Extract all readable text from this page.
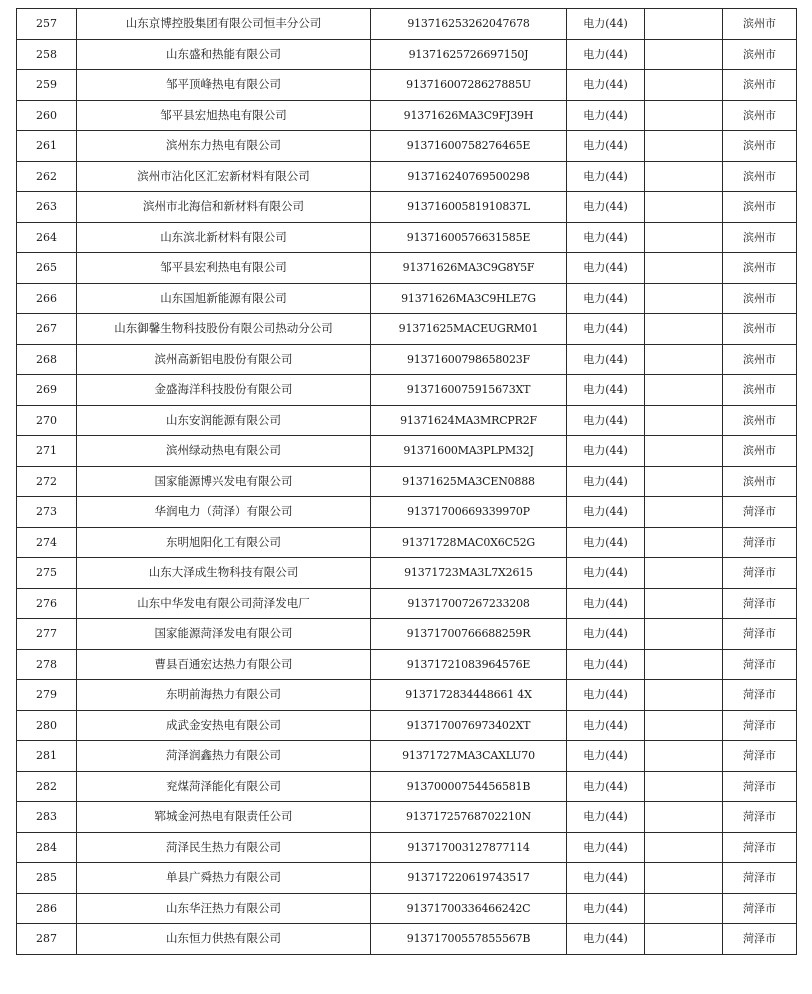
257	山东京博控股集团有限公司恒丰分公司	913716253262047678	电力(44)		滨州市
258	山东盛和热能有限公司	91371625726697150J	电力(44)		滨州市
259	邹平顶峰热电有限公司	91371600728627885U	电力(44)		滨州市
260	邹平县宏旭热电有限公司	91371626MA3C9FJ39H	电力(44)		滨州市
261	滨州东力热电有限公司	91371600758276465E	电力(44)		滨州市
262	滨州市沾化区汇宏新材料有限公司	913716240769500298	电力(44)		滨州市
263	滨州市北海信和新材料有限公司	91371600581910837L	电力(44)		滨州市
264	山东滨北新材料有限公司	91371600576631585E	电力(44)		滨州市
265	邹平县宏利热电有限公司	91371626MA3C9G8Y5F	电力(44)		滨州市
266	山东国旭新能源有限公司	91371626MA3C9HLE7G	电力(44)		滨州市
267	山东御馨生物科技股份有限公司热动分公司	91371625MACEUGRM01	电力(44)		滨州市
268	滨州高新铝电股份有限公司	91371600798658023F	电力(44)		滨州市
269	金盛海洋科技股份有限公司	9137160075915673XT	电力(44)		滨州市
270	山东安润能源有限公司	91371624MA3MRCPR2F	电力(44)		滨州市
271	滨州绿动热电有限公司	91371600MA3PLPM32J	电力(44)		滨州市
272	国家能源博兴发电有限公司	91371625MA3CEN0888	电力(44)		滨州市
273	华润电力（菏泽）有限公司	91371700669339970P	电力(44)		菏泽市
274	东明旭阳化工有限公司	91371728MAC0X6C52G	电力(44)		菏泽市
275	山东大泽成生物科技有限公司	91371723MA3L7X2615	电力(44)		菏泽市
276	山东中华发电有限公司菏泽发电厂	913717007267233208	电力(44)		菏泽市
277	国家能源菏泽发电有限公司	91371700766688259R	电力(44)		菏泽市
278	曹县百通宏达热力有限公司	91371721083964576E	电力(44)		菏泽市
279	东明前海热力有限公司	9137172834448661 4X	电力(44)		菏泽市
280	成武金安热电有限公司	9137170076973402XT	电力(44)		菏泽市
281	菏泽润鑫热力有限公司	91371727MA3CAXLU70	电力(44)		菏泽市
282	兖煤菏泽能化有限公司	91370000754456581B	电力(44)		菏泽市
283	郓城金河热电有限责任公司	91371725768702210N	电力(44)		菏泽市
284	菏泽民生热力有限公司	913717003127877114	电力(44)		菏泽市
285	单县广舜热力有限公司	913717220619743517	电力(44)		菏泽市
286	山东华汪热力有限公司	91371700336466242C	电力(44)		菏泽市
287	山东恒力供热有限公司	91371700557855567B	电力(44)		菏泽市
